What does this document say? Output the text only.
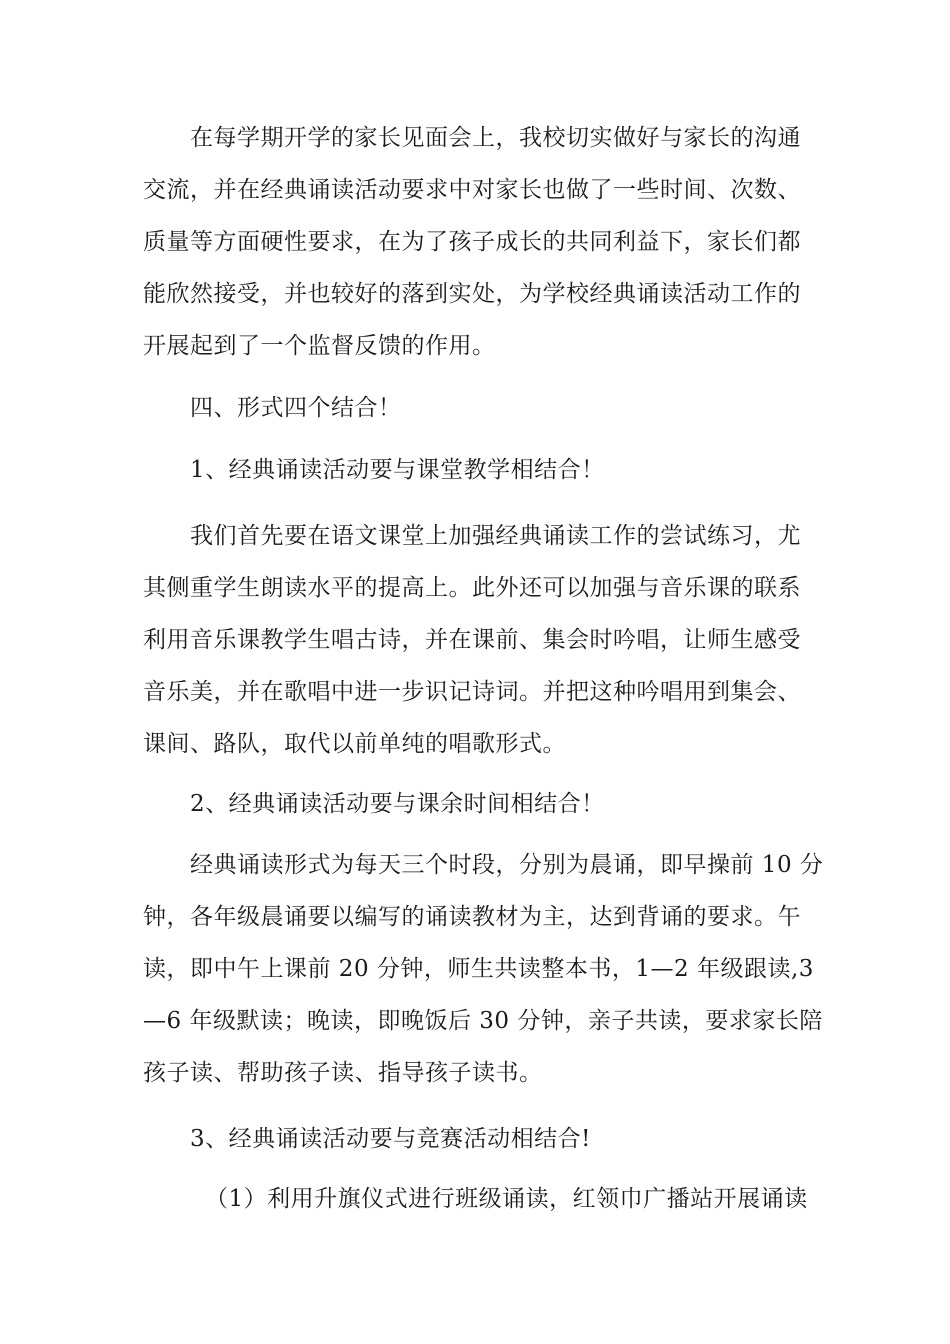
在每学期开学的家长见面会上，我校切实做好与家长的沟通
交流，并在经典诵读活动要求中对家长也做了一些时间、次数、
质量等方面硬性要求，在为了孩子成长的共同利益下，家长们都
能欣然接受，并也较好的落到实处，为学校经典诵读活动工作的
开展起到了一个监督反馈的作用。
四、形式四个结合！
1、经典诵读活动要与课堂教学相结合！
我们首先要在语文课堂上加强经典诵读工作的尝试练习，尤
其侧重学生朗读水平的提高上。此外还可以加强与音乐课的联系
利用音乐课教学生唱古诗，并在课前、集会时吟唱，让师生感受
音乐美，并在歌唱中进一步识记诗词。并把这种吟唱用到集会、
课间、路队，取代以前单纯的唱歌形式。
2、经典诵读活动要与课余时间相结合！
经典诵读形式为每天三个时段，分别为晨诵，即早操前 10 分
钟，各年级晨诵要以编写的诵读教材为主，达到背诵的要求。午
读，即中午上课前 20 分钟，师生共读整本书，1—2 年级跟读,3
—6 年级默读；晚读，即晚饭后 30 分钟，亲子共读，要求家长陪
孩子读、帮助孩子读、指导孩子读书。
3、经典诵读活动要与竞赛活动相结合!
（1）利用升旗仪式进行班级诵读，红领巾广播站开展诵读
